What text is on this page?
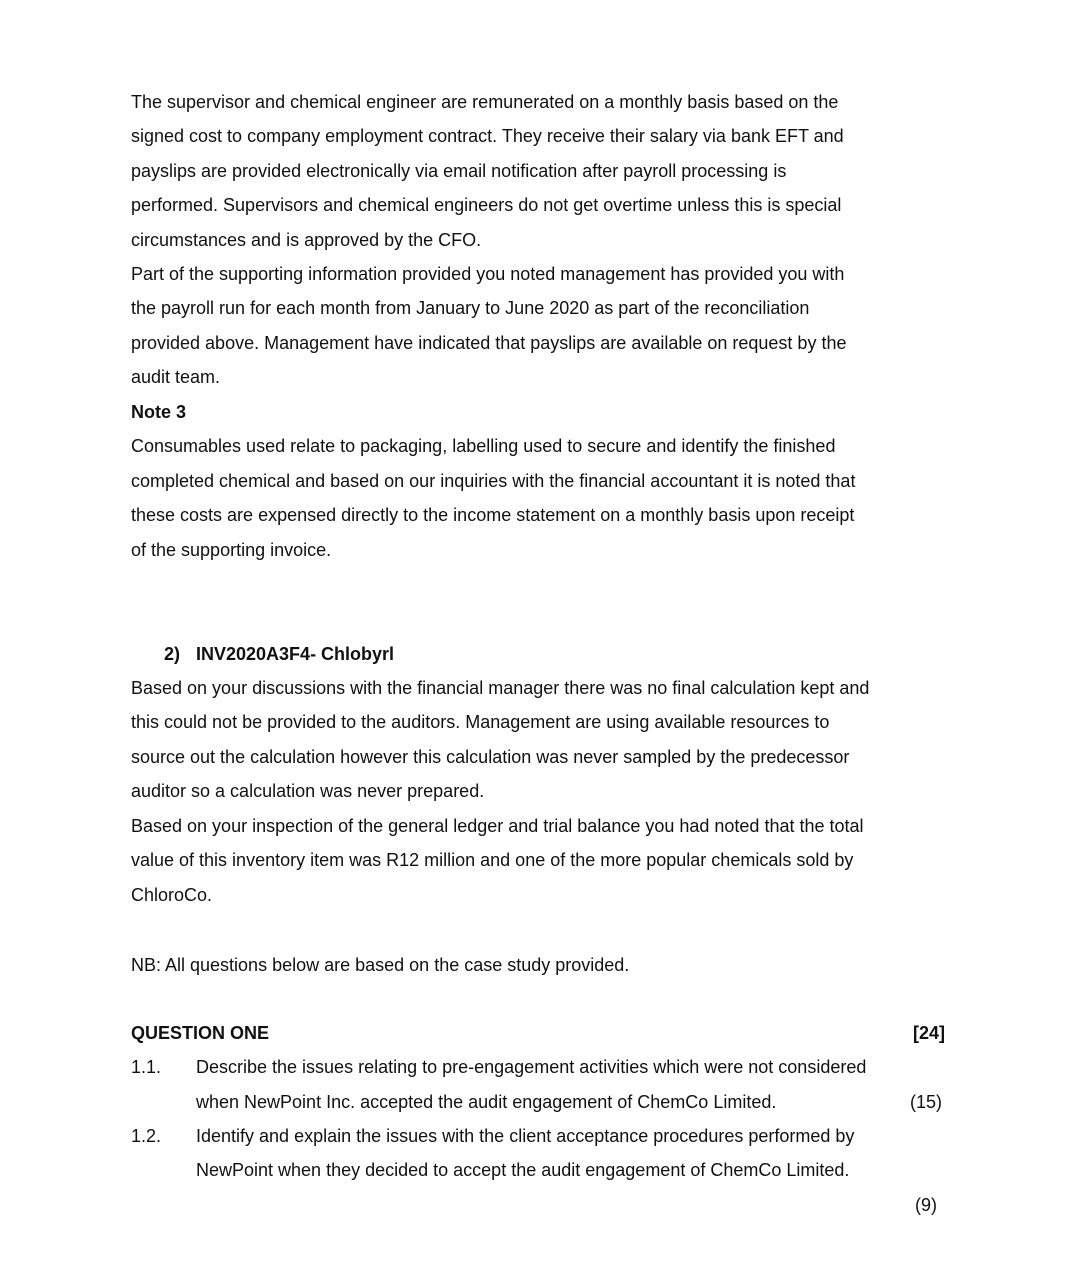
The supervisor and chemical engineer are remunerated on a monthly basis based on the
signed cost to company employment contract. They receive their salary via bank EFT and
payslips are provided electronically via email notification after payroll processing is
performed. Supervisors and chemical engineers do not get overtime unless this is special
circumstances and is approved by the CFO.
Part of the supporting information provided you noted management has provided you with
the payroll run for each month from January to June 2020 as part of the reconciliation
provided above. Management have indicated that payslips are available on request by the
audit team.
Note 3
Consumables used relate to packaging, labelling used to secure and identify the finished
completed chemical and based on our inquiries with the financial accountant it is noted that
these costs are expensed directly to the income statement on a monthly basis upon receipt
of the supporting invoice.

2) INV2020A3F4- Chlobyrl

Based on your discussions with the financial manager there was no final calculation kept and
this could not be provided to the auditors. Management are using available resources to
source out the calculation however this calculation was never sampled by the predecessor
auditor so a calculation was never prepared.
Based on your inspection of the general ledger and trial balance you had noted that the total
value of this inventory item was R12 million and one of the more popular chemicals sold by
ChloroCo.

NB: All questions below are based on the case study provided.

QUESTION ONE	[24]

1.1. Describe the issues relating to pre-engagement activities which were not considered

when NewPoint Inc. accepted the audit engagement of ChemCo Limited.	(15)

1.2. Identify and explain the issues with the client acceptance procedures performed by

NewPoint when they decided to accept the audit engagement of ChemCo Limited.

(9)
